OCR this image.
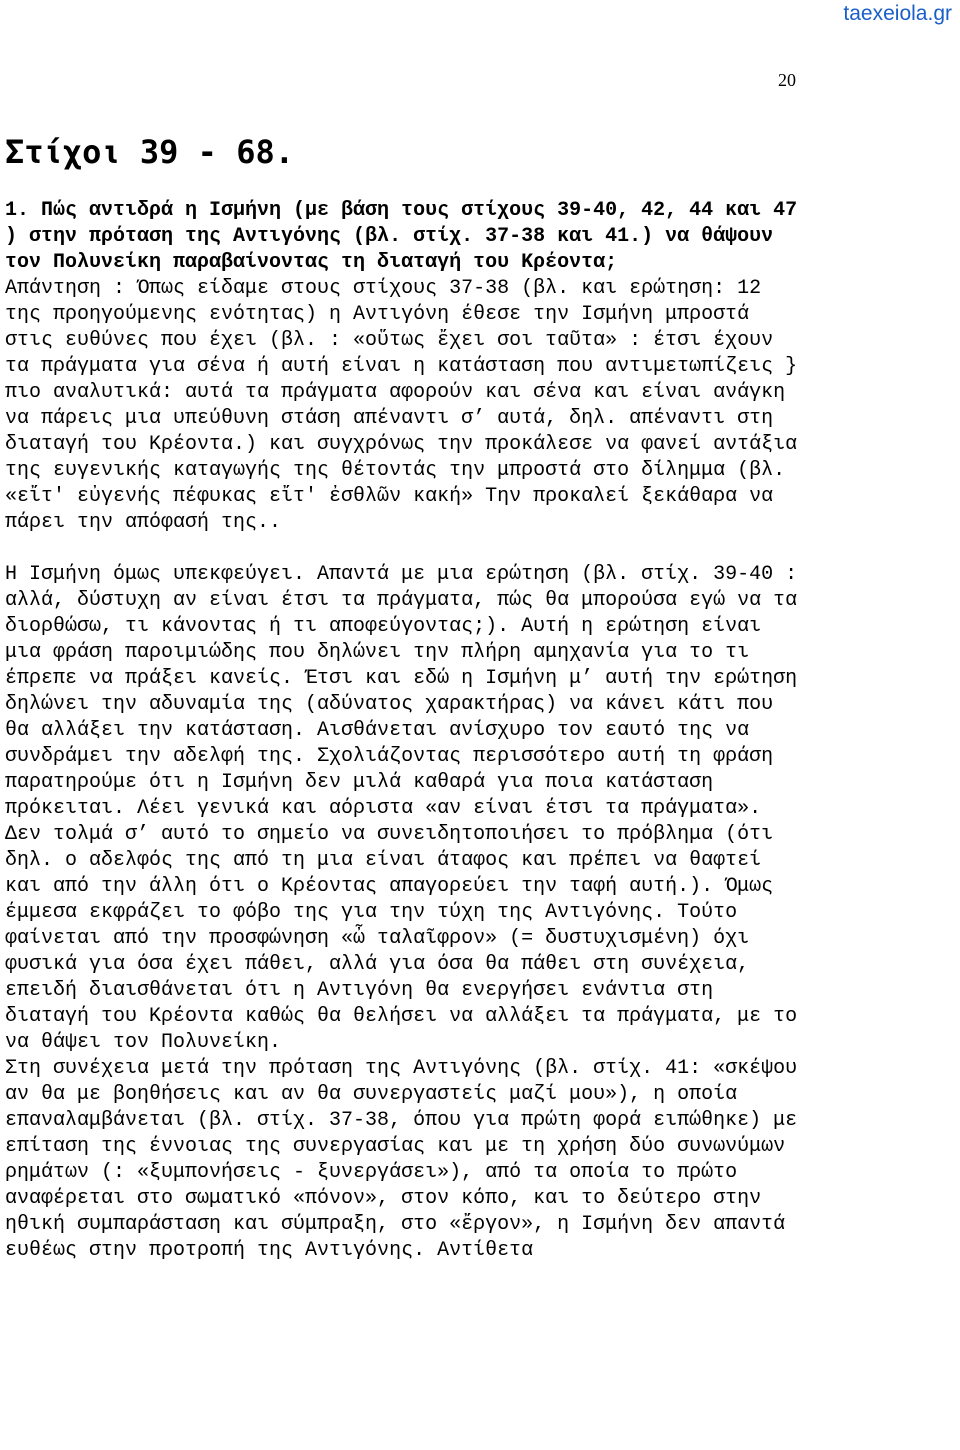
taexeiola.gr
20
Στίχοι 39 - 68.
1. Πώς αντιδρά η Ισμήνη (με βάση τους στίχους 39-40, 42, 44 και 47 ) στην πρόταση της Αντιγόνης (βλ. στίχ. 37-38 και 41.) να θάψουν τον Πολυνείκη παραβαίνοντας τη διαταγή του Κρέοντα;
Απάντηση : Όπως είδαμε στους στίχους 37-38 (βλ. και ερώτηση: 12 της προηγούμενης ενότητας) η Αντιγόνη έθεσε την Ισμήνη μπροστά στις ευθύνες που έχει (βλ. : «οὕτως ἔχει σοι ταῦτα» : έτσι έχουν τα πράγματα για σένα ή αυτή είναι η κατάσταση που αντιμετωπίζεις } πιο αναλυτικά: αυτά τα πράγματα αφορούν και σένα και είναι ανάγκη να πάρεις μια υπεύθυνη στάση απέναντι σ’ αυτά, δηλ. απέναντι στη διαταγή του Κρέοντα.) και συγχρόνως την προκάλεσε να φανεί αντάξια της ευγενικής καταγωγής της θέτοντάς την μπροστά στο δίλημμα (βλ. «εἴτ' εὐγενής πέφυκας εἴτ' ἐσθλῶν κακή» Την προκαλεί ξεκάθαρα να πάρει την απόφασή της..
Η Ισμήνη όμως υπεκφεύγει. Απαντά με μια ερώτηση (βλ. στίχ. 39-40 : αλλά, δύστυχη αν είναι έτσι τα πράγματα, πώς θα μπορούσα εγώ να τα διορθώσω, τι κάνοντας ή τι αποφεύγοντας;). Αυτή η ερώτηση είναι μια φράση παροιμιώδης που δηλώνει την πλήρη αμηχανία για το τι έπρεπε να πράξει κανείς. Έτσι και εδώ η Ισμήνη μ’ αυτή την ερώτηση δηλώνει την αδυναμία της (αδύνατος χαρακτήρας) να κάνει κάτι που θα αλλάξει την κατάσταση. Αισθάνεται ανίσχυρο τον εαυτό της να συνδράμει την αδελφή της. Σχολιάζοντας περισσότερο αυτή τη φράση παρατηρούμε ότι η Ισμήνη δεν μιλά καθαρά για ποια κατάσταση πρόκειται. Λέει γενικά και αόριστα «αν είναι έτσι τα πράγματα». Δεν τολμά σ’ αυτό το σημείο να συνειδητοποιήσει το πρόβλημα (ότι δηλ. ο αδελφός της από τη μια είναι άταφος και πρέπει να θαφτεί και από την άλλη ότι ο Κρέοντας απαγορεύει την ταφή αυτή.). Όμως έμμεσα εκφράζει το φόβο της για την τύχη της Αντιγόνης. Τούτο φαίνεται από την προσφώνηση «ὦ ταλαῖφρον» (= δυστυχισμένη) όχι φυσικά για όσα έχει πάθει, αλλά για όσα θα πάθει στη συνέχεια, επειδή διαισθάνεται ότι η Αντιγόνη θα ενεργήσει ενάντια στη διαταγή του Κρέοντα καθώς θα θελήσει να αλλάξει τα πράγματα, με το να θάψει τον Πολυνείκη.
Στη συνέχεια μετά την πρόταση της Αντιγόνης (βλ. στίχ. 41: «σκέψου αν θα με βοηθήσεις και αν θα συνεργαστείς μαζί μου»), η οποία επαναλαμβάνεται (βλ. στίχ. 37-38, όπου για πρώτη φορά ειπώθηκε) με επίταση της έννοιας της συνεργασίας και με τη χρήση δύο συνωνύμων ρημάτων (: «ξυμπονήσεις - ξυνεργάσει»), από τα οποία το πρώτο αναφέρεται στο σωματικό «πόνον», στον κόπο, και το δεύτερο στην ηθική συμπαράσταση και σύμπραξη, στο «ἔργον», η Ισμήνη δεν απαντά ευθέως στην προτροπή της Αντιγόνης. Αντίθετα
